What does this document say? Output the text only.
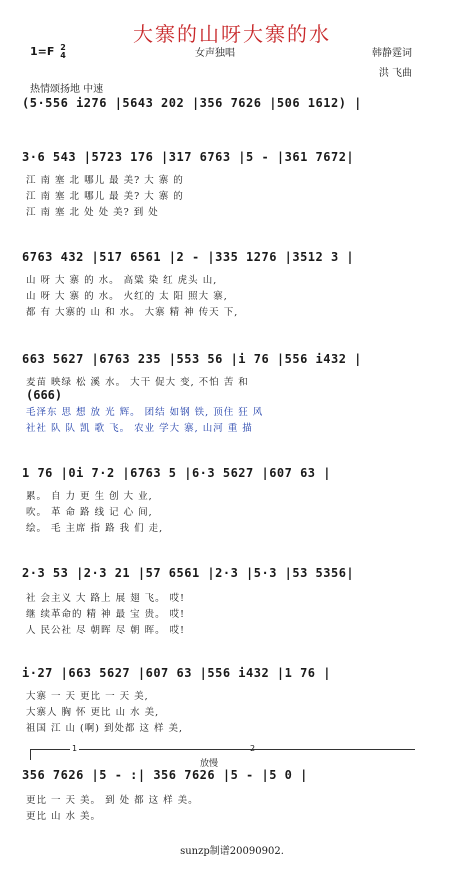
大寨的山呀大寨的水
1=F 2
4	女声独唱	韩静霆词
洪 飞曲
热情颂扬地 中速
(5·556 i276 |5643 202 |356 7626 |506 1612) |
3·6 543 |5723 176 |317 6763 |5 - |361 7672|
江 南 塞 北 哪儿 最 美? 大 寨 的
江 南 塞 北 哪儿 最 美? 大 寨 的
江 南 塞 北 处 处 美? 到 处
6763 432 |517 6561 |2 - |335 1276 |3512 3 |
山 呀 大 寨 的 水。 高粱 染 红 虎头 山,
山 呀 大 寨 的 水。 火红的 太 阳 照大 寨,
都 有 大寨的 山 和 水。 大寨 精 神 传天 下,
663 5627 |6763 235 |553 56 |i 76 |556 i432 |
麦苗 映绿 松 溪 水。 大干 促大 变, 不怕 苦 和
(666)
毛泽东 思 想 放 光 辉。 团结 如钢 铁, 顶住 狂 风
社社 队 队 凯 歌 飞。 农业 学大 寨, 山河 重 描
1 76 |0i 7·2 |6763 5 |6·3 5627 |607 63 |
累。 自 力 更 生 创 大 业,
吹。 革 命 路 线 记 心 间,
绘。 毛 主席 指 路 我 们 走,
2·3 53 |2·3 21 |57 6561 |2·3 |5·3 |53 5356|
社 会主义 大 路上 展 翅 飞。 哎!
继 续革命的 精 神 最 宝 贵。 哎!
人 民公社 尽 朝晖 尽 朝 晖。 哎!
i·27 |663 5627 |607 63 |556 i432 |1 76 |
大寨 一 天 更比 一 天 美,
大寨人 胸 怀 更比 山 水 美,
祖国 江 山 (啊) 到处都 这 样 美,
1	2
放慢
356 7626 |5 - :| 356 7626 |5 - |5 0 |
更比 一 天 美。 到 处 都 这 样 美。
更比 山 水 美。
sunzp制谱20090902.
